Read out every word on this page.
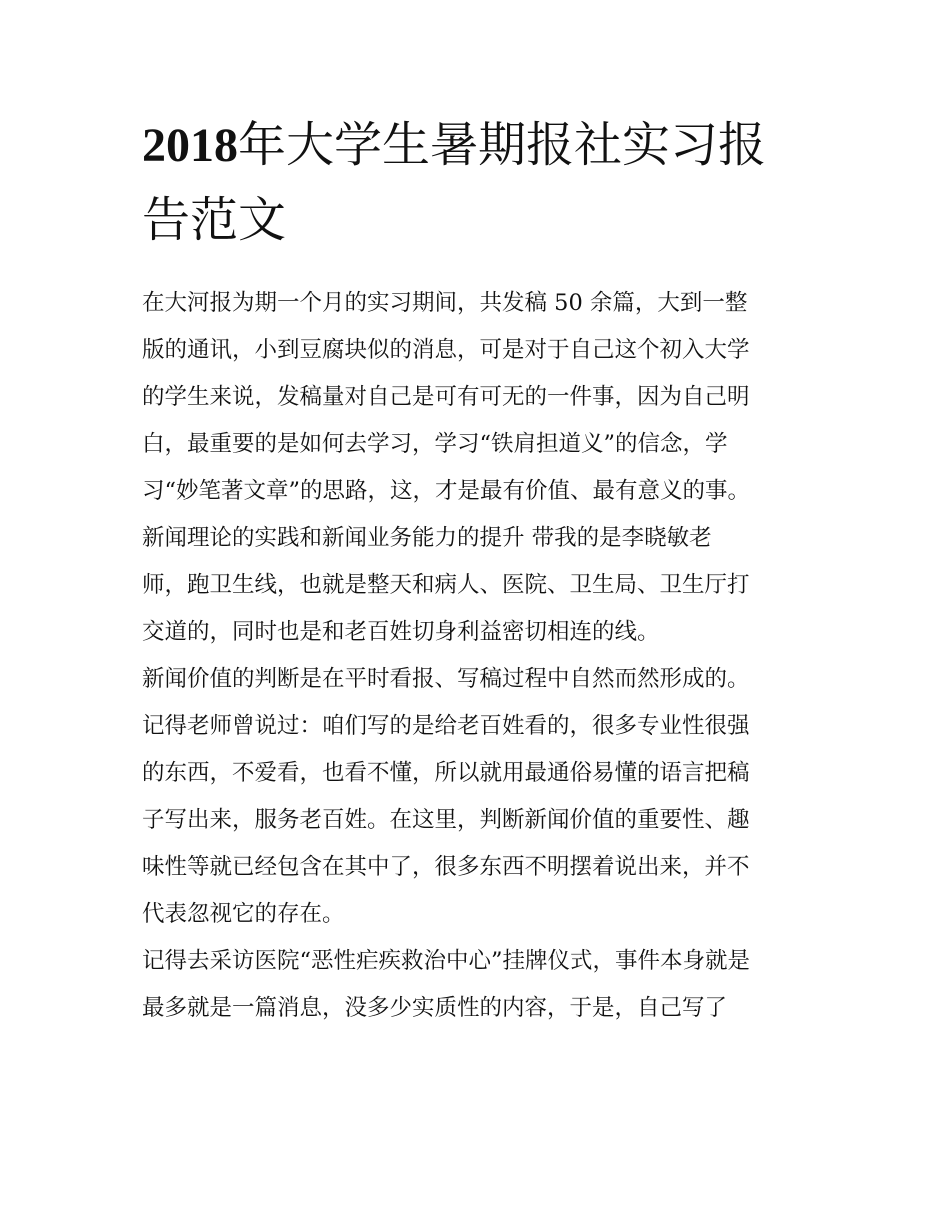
2018年大学生暑期报社实习报
告范文
在大河报为期一个月的实习期间，共发稿 50 余篇，大到一整
版的通讯，小到豆腐块似的消息，可是对于自己这个初入大学
的学生来说，发稿量对自己是可有可无的一件事，因为自己明
白，最重要的是如何去学习，学习“铁肩担道义”的信念，学
习“妙笔著文章”的思路，这，才是最有价值、最有意义的事。
新闻理论的实践和新闻业务能力的提升 带我的是李晓敏老
师，跑卫生线，也就是整天和病人、医院、卫生局、卫生厅打
交道的，同时也是和老百姓切身利益密切相连的线。
新闻价值的判断是在平时看报、写稿过程中自然而然形成的。
记得老师曾说过：咱们写的是给老百姓看的，很多专业性很强
的东西，不爱看，也看不懂，所以就用最通俗易懂的语言把稿
子写出来，服务老百姓。在这里，判断新闻价值的重要性、趣
味性等就已经包含在其中了，很多东西不明摆着说出来，并不
代表忽视它的存在。
记得去采访医院“恶性疟疾救治中心”挂牌仪式，事件本身就是
最多就是一篇消息，没多少实质性的内容，于是，自己写了
